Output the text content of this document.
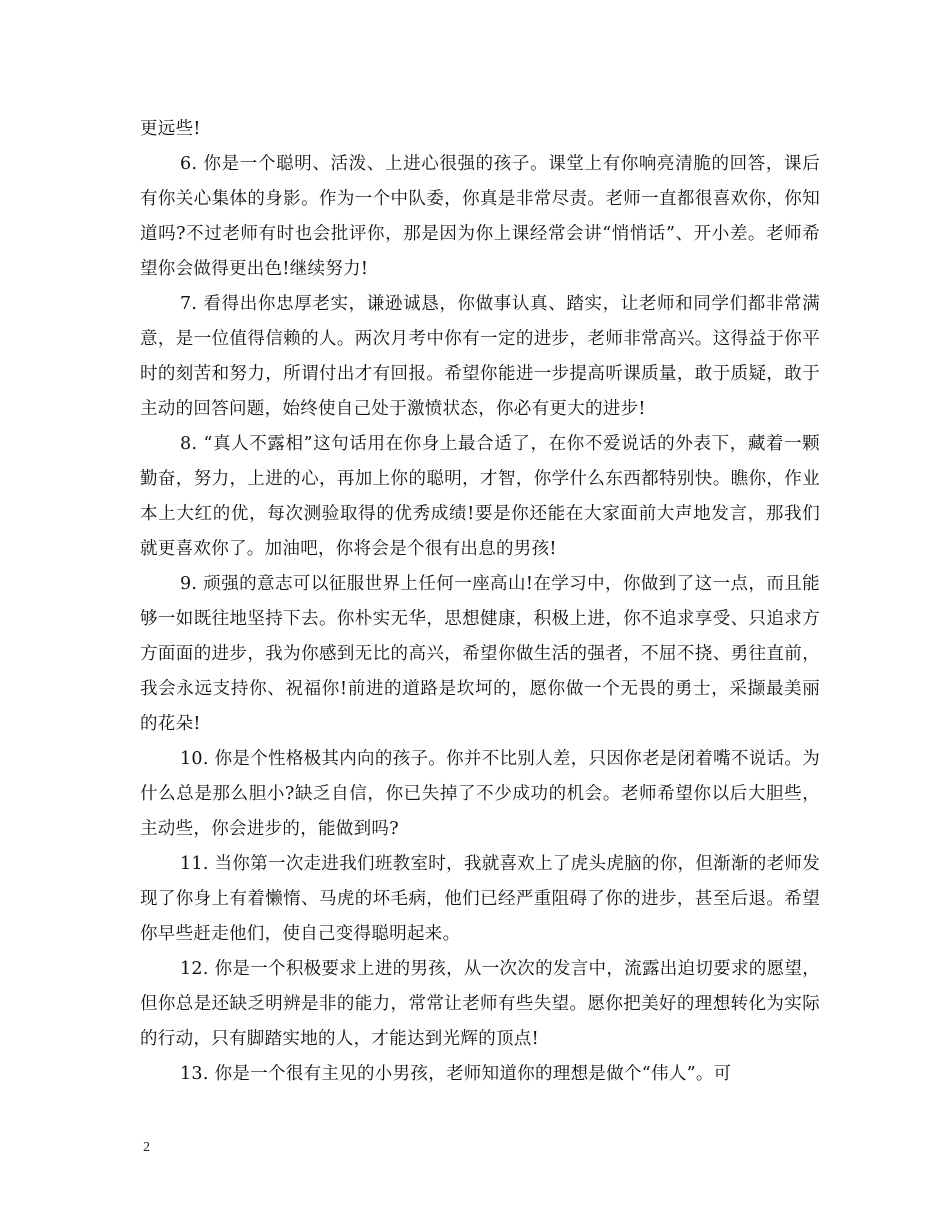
更远些!

6. 你是一个聪明、活泼、上进心很强的孩子。课堂上有你响亮清脆的回答，课后有你关心集体的身影。作为一个中队委，你真是非常尽责。老师一直都很喜欢你，你知道吗?不过老师有时也会批评你，那是因为你上课经常会讲“悄悄话”、开小差。老师希望你会做得更出色!继续努力!

7. 看得出你忠厚老实，谦逊诚恳，你做事认真、踏实，让老师和同学们都非常满意，是一位值得信赖的人。两次月考中你有一定的进步，老师非常高兴。这得益于你平时的刻苦和努力，所谓付出才有回报。希望你能进一步提高听课质量，敢于质疑，敢于主动的回答问题，始终使自己处于激愤状态，你必有更大的进步!

8. “真人不露相”这句话用在你身上最合适了，在你不爱说话的外表下，藏着一颗勤奋，努力，上进的心，再加上你的聪明，才智，你学什么东西都特别快。瞧你，作业本上大红的优，每次测验取得的优秀成绩!要是你还能在大家面前大声地发言，那我们就更喜欢你了。加油吧，你将会是个很有出息的男孩!

9. 顽强的意志可以征服世界上任何一座高山!在学习中，你做到了这一点，而且能够一如既往地坚持下去。你朴实无华，思想健康，积极上进，你不追求享受、只追求方方面面的进步，我为你感到无比的高兴，希望你做生活的强者，不屈不挠、勇往直前，我会永远支持你、祝福你!前进的道路是坎坷的，愿你做一个无畏的勇士，采撷最美丽的花朵!

10. 你是个性格极其内向的孩子。你并不比别人差，只因你老是闭着嘴不说话。为什么总是那么胆小?缺乏自信，你已失掉了不少成功的机会。老师希望你以后大胆些，主动些，你会进步的，能做到吗?

11. 当你第一次走进我们班教室时，我就喜欢上了虎头虎脑的你，但渐渐的老师发现了你身上有着懒惰、马虎的坏毛病，他们已经严重阻碍了你的进步，甚至后退。希望你早些赶走他们，使自己变得聪明起来。

12. 你是一个积极要求上进的男孩，从一次次的发言中，流露出迫切要求的愿望，但你总是还缺乏明辨是非的能力，常常让老师有些失望。愿你把美好的理想转化为实际的行动，只有脚踏实地的人，才能达到光辉的顶点!

13. 你是一个很有主见的小男孩，老师知道你的理想是做个“伟人”。可

2
